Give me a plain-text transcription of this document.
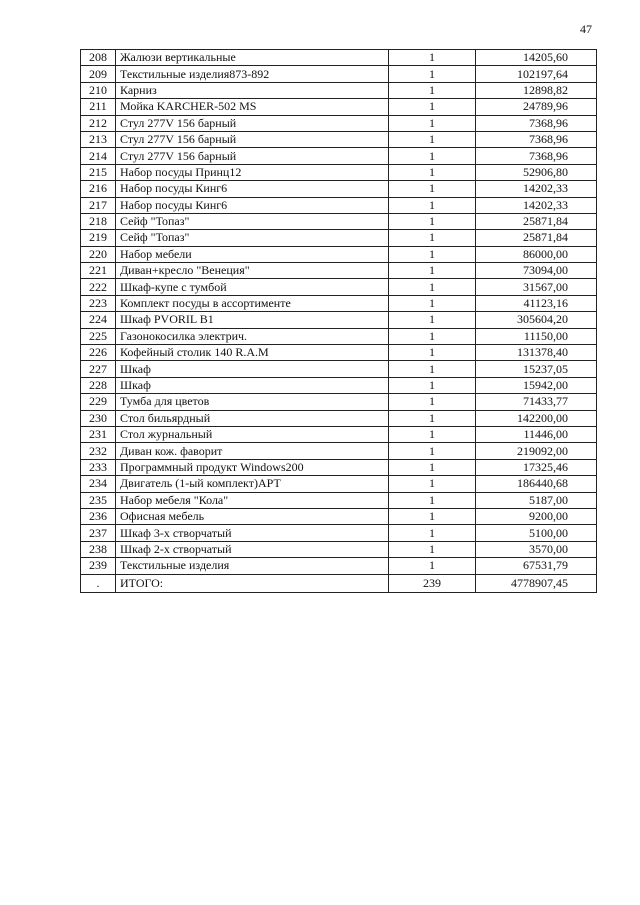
47
208	Жалюзи вертикальные	1	14205,60
209	Текстильные изделия873-892	1	102197,64
210	Карниз	1	12898,82
211	Мойка KARCHER-502 MS	1	24789,96
212	Стул 277V 156 барный	1	7368,96
213	Стул 277V 156 барный	1	7368,96
214	Стул 277V 156 барный	1	7368,96
215	Набор посуды Принц12	1	52906,80
216	Набор посуды Кинг6	1	14202,33
217	Набор посуды Кинг6	1	14202,33
218	Сейф "Топаз"	1	25871,84
219	Сейф "Топаз"	1	25871,84
220	Набор мебели	1	86000,00
221	Диван+кресло "Венеция"	1	73094,00
222	Шкаф-купе с тумбой	1	31567,00
223	Комплект посуды в ассортименте	1	41123,16
224	Шкаф PVORIL B1	1	305604,20
225	Газонокосилка электрич.	1	11150,00
226	Кофейный столик 140 R.A.M	1	131378,40
227	Шкаф	1	15237,05
228	Шкаф	1	15942,00
229	Тумба для цветов	1	71433,77
230	Стол бильярдный	1	142200,00
231	Стол журнальный	1	11446,00
232	Диван кож. фаворит	1	219092,00
233	Программный продукт Windows200	1	17325,46
234	Двигатель (1-ый комплект)АРТ	1	186440,68
235	Набор мебеля "Кола"	1	5187,00
236	Офисная мебель	1	9200,00
237	Шкаф 3-х створчатый	1	5100,00
238	Шкаф 2-х створчатый	1	3570,00
239	Текстильные изделия	1	67531,79
.	ИТОГО:	239	4778907,45
